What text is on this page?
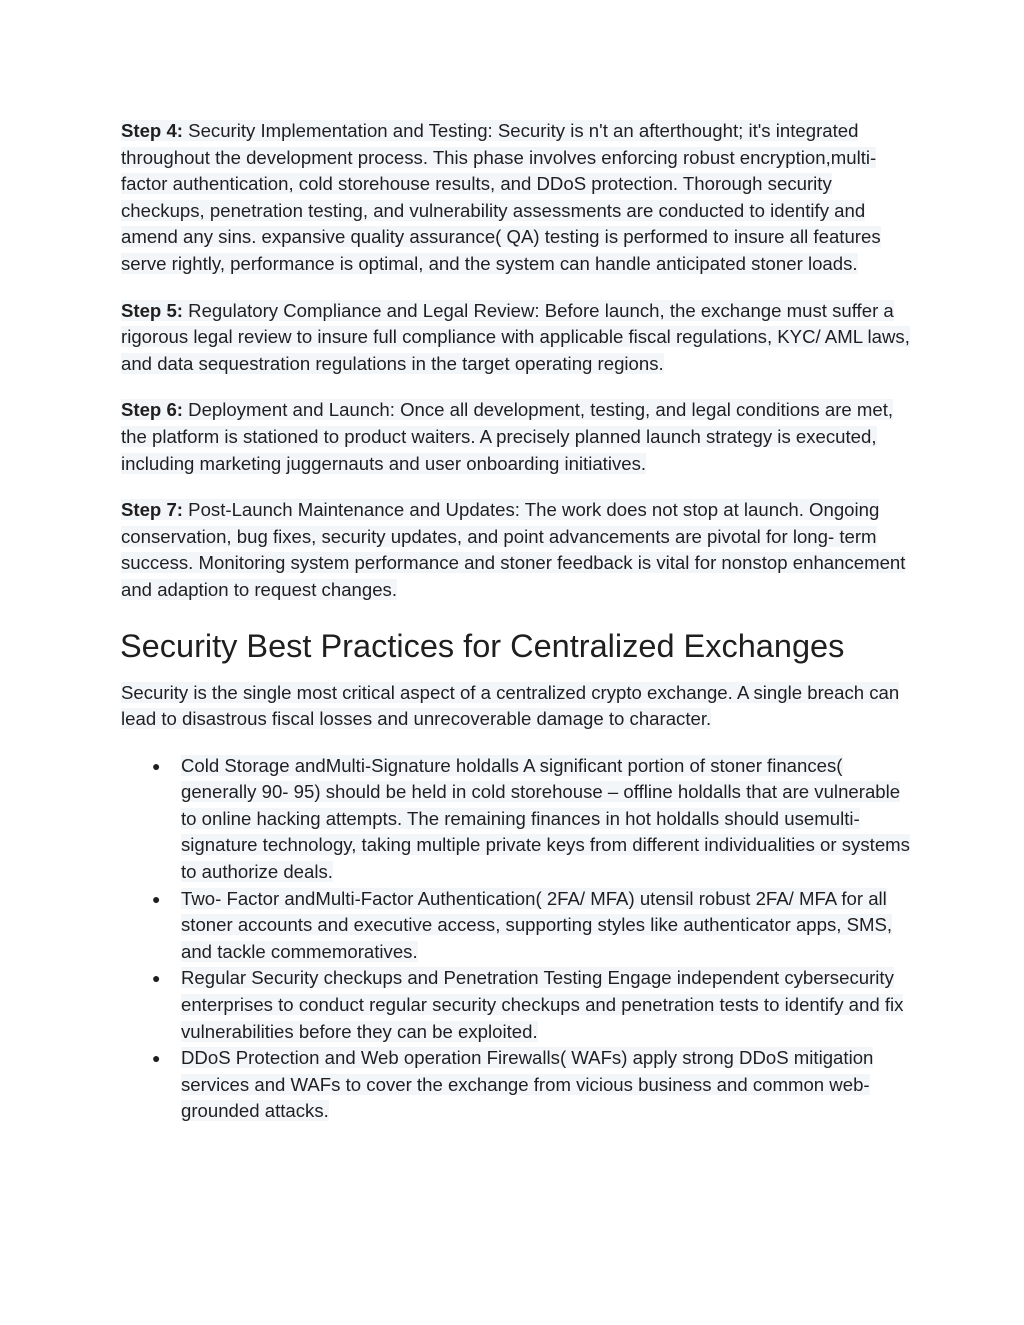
Step 4: Security Implementation and Testing: Security is n't an afterthought; it's integrated throughout the development process. This phase involves enforcing robust encryption,multi-factor authentication, cold storehouse results, and DDoS protection. Thorough security checkups, penetration testing, and vulnerability assessments are conducted to identify and amend any sins. expansive quality assurance( QA) testing is performed to insure all features serve rightly, performance is optimal, and the system can handle anticipated stoner loads.

Step 5: Regulatory Compliance and Legal Review: Before launch, the exchange must suffer a rigorous legal review to insure full compliance with applicable fiscal regulations, KYC/ AML laws, and data sequestration regulations in the target operating regions.

Step 6: Deployment and Launch: Once all development, testing, and legal conditions are met, the platform is stationed to product waiters. A precisely planned launch strategy is executed, including marketing juggernauts and user onboarding initiatives.

Step 7: Post-Launch Maintenance and Updates: The work does not stop at launch. Ongoing conservation, bug fixes, security updates, and point advancements are pivotal for long- term success. Monitoring system performance and stoner feedback is vital for nonstop enhancement and adaption to request changes.

Security Best Practices for Centralized Exchanges

Security is the single most critical aspect of a centralized crypto exchange. A single breach can lead to disastrous fiscal losses and unrecoverable damage to character.

● Cold Storage andMulti-Signature holdalls A significant portion of stoner finances( generally 90- 95) should be held in cold storehouse – offline holdalls that are vulnerable to online hacking attempts. The remaining finances in hot holdalls should usemulti-signature technology, taking multiple private keys from different individualities or systems to authorize deals.
● Two- Factor andMulti-Factor Authentication( 2FA/ MFA) utensil robust 2FA/ MFA for all stoner accounts and executive access, supporting styles like authenticator apps, SMS, and tackle commemoratives.
● Regular Security checkups and Penetration Testing Engage independent cybersecurity enterprises to conduct regular security checkups and penetration tests to identify and fix vulnerabilities before they can be exploited.
● DDoS Protection and Web operation Firewalls( WAFs) apply strong DDoS mitigation services and WAFs to cover the exchange from vicious business and common web- grounded attacks.
